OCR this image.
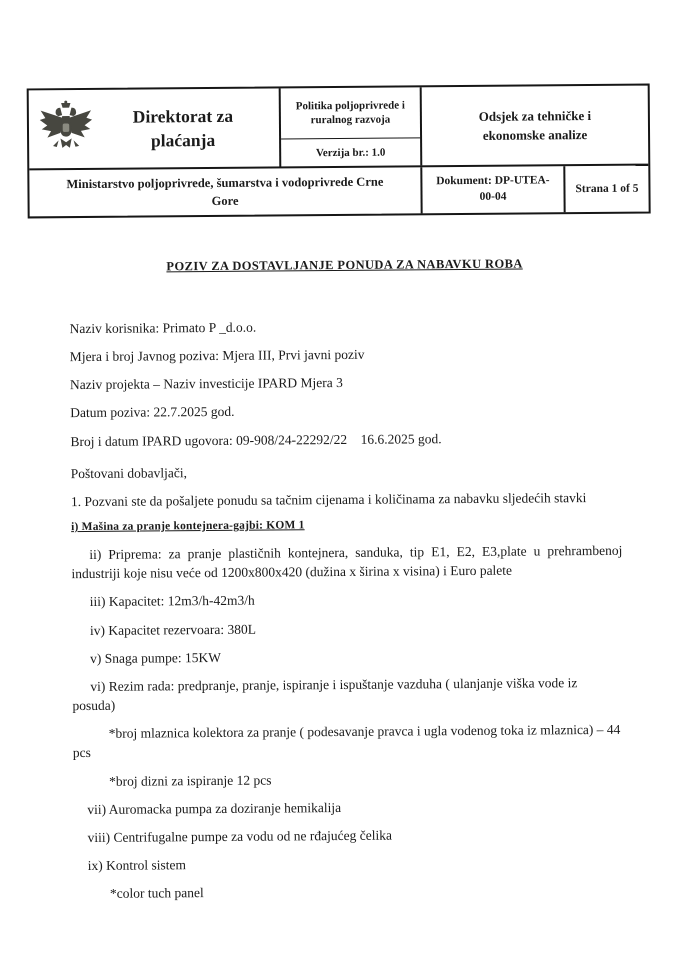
Direktorat za plaćanja
Politika poljoprivrede i ruralnog razvoja
Verzija br.: 1.0
Odsjek za tehničke i ekonomske analize
Ministarstvo poljoprivrede, šumarstva i vodoprivrede Crne Gore
Dokument: DP-UTEA-00-04
Strana 1 of 5
POZIV ZA DOSTAVLJANJE PONUDA ZA NABAVKU ROBA

Naziv korisnika: Primato P _d.o.o.

Mjera i broj Javnog poziva: Mjera III, Prvi javni poziv

Naziv projekta – Naziv investicije IPARD Mjera 3

Datum poziva: 22.7.2025 god.

Broj i datum IPARD ugovora: 09-908/24-22292/22    16.6.2025 god.

Poštovani dobavljači,

1. Pozvani ste da pošaljete ponudu sa tačnim cijenama i količinama za nabavku sljedećih stavki

i) Mašina za pranje kontejnera-gajbi: KOM 1

ii) Priprema: za pranje plastičnih kontejnera, sanduka, tip E1, E2, E3,plate u prehrambenoj industriji koje nisu veće od 1200x800x420 (dužina x širina x visina) i Euro palete

iii) Kapacitet: 12m3/h-42m3/h

iv) Kapacitet rezervoara: 380L

v) Snaga pumpe: 15KW

vi) Rezim rada: predpranje, pranje, ispiranje i ispuštanje vazduha ( ulanjanje viška vode iz posuda)

*broj mlaznica kolektora za pranje ( podesavanje pravca i ugla vodenog toka iz mlaznica) – 44 pcs

*broj dizni za ispiranje 12 pcs

vii) Auromacka pumpa za doziranje hemikalija

viii) Centrifugalne pumpe za vodu od ne rđajućeg čelika

ix) Kontrol sistem

*color tuch panel
